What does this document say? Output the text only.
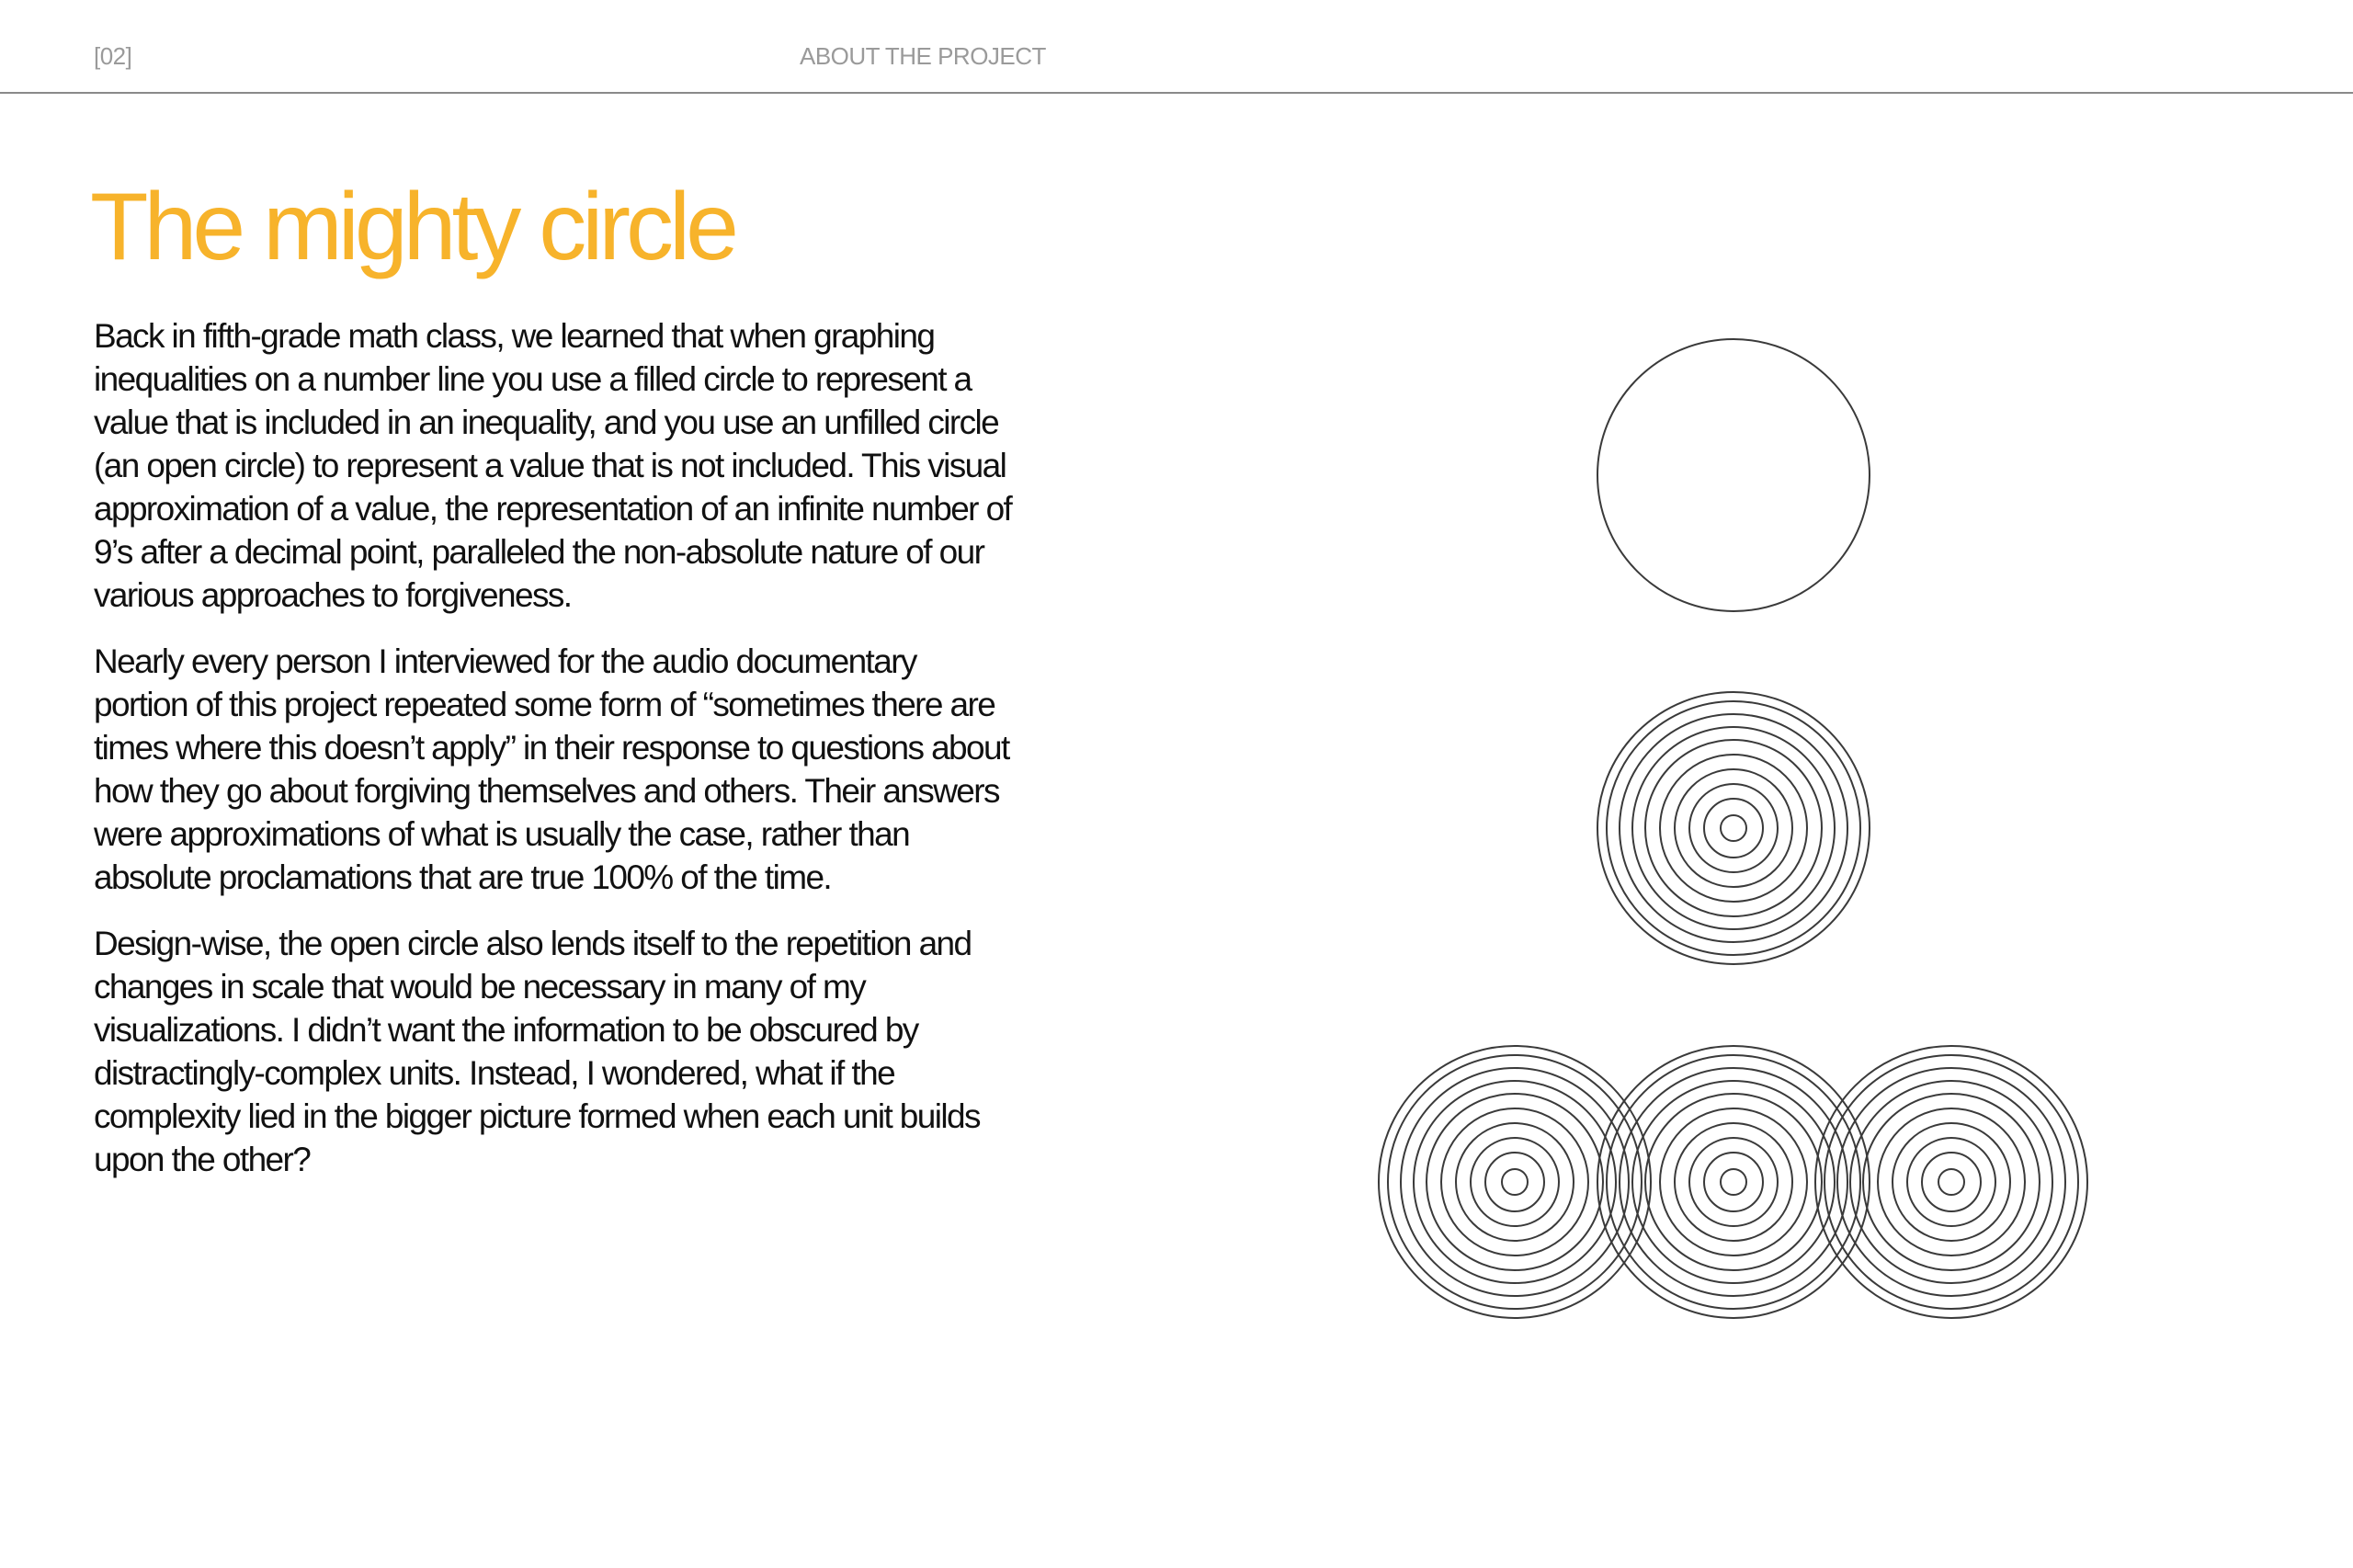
[02]	ABOUT THE PROJECT
The mighty circle

Back in fifth-grade math class, we learned that when graphing inequalities on a number line you use a filled circle to represent a value that is included in an inequality, and you use an unfilled circle (an open circle) to represent a value that is not included. This visual approximation of a value, the representation of an infinite number of 9’s after a decimal point, paralleled the non-absolute nature of our various approaches to forgiveness.

Nearly every person I interviewed for the audio documentary portion of this project repeated some form of “sometimes there are times where this doesn’t apply” in their response to questions about how they go about forgiving themselves and others. Their answers were approximations of what is usually the case, rather than absolute proclamations that are true 100% of the time.

Design-wise, the open circle also lends itself to the repetition and changes in scale that would be necessary in many of my visualizations. I didn’t want the information to be obscured by distractingly-complex units. Instead, I wondered, what if the complexity lied in the bigger picture formed when each unit builds upon the other?
